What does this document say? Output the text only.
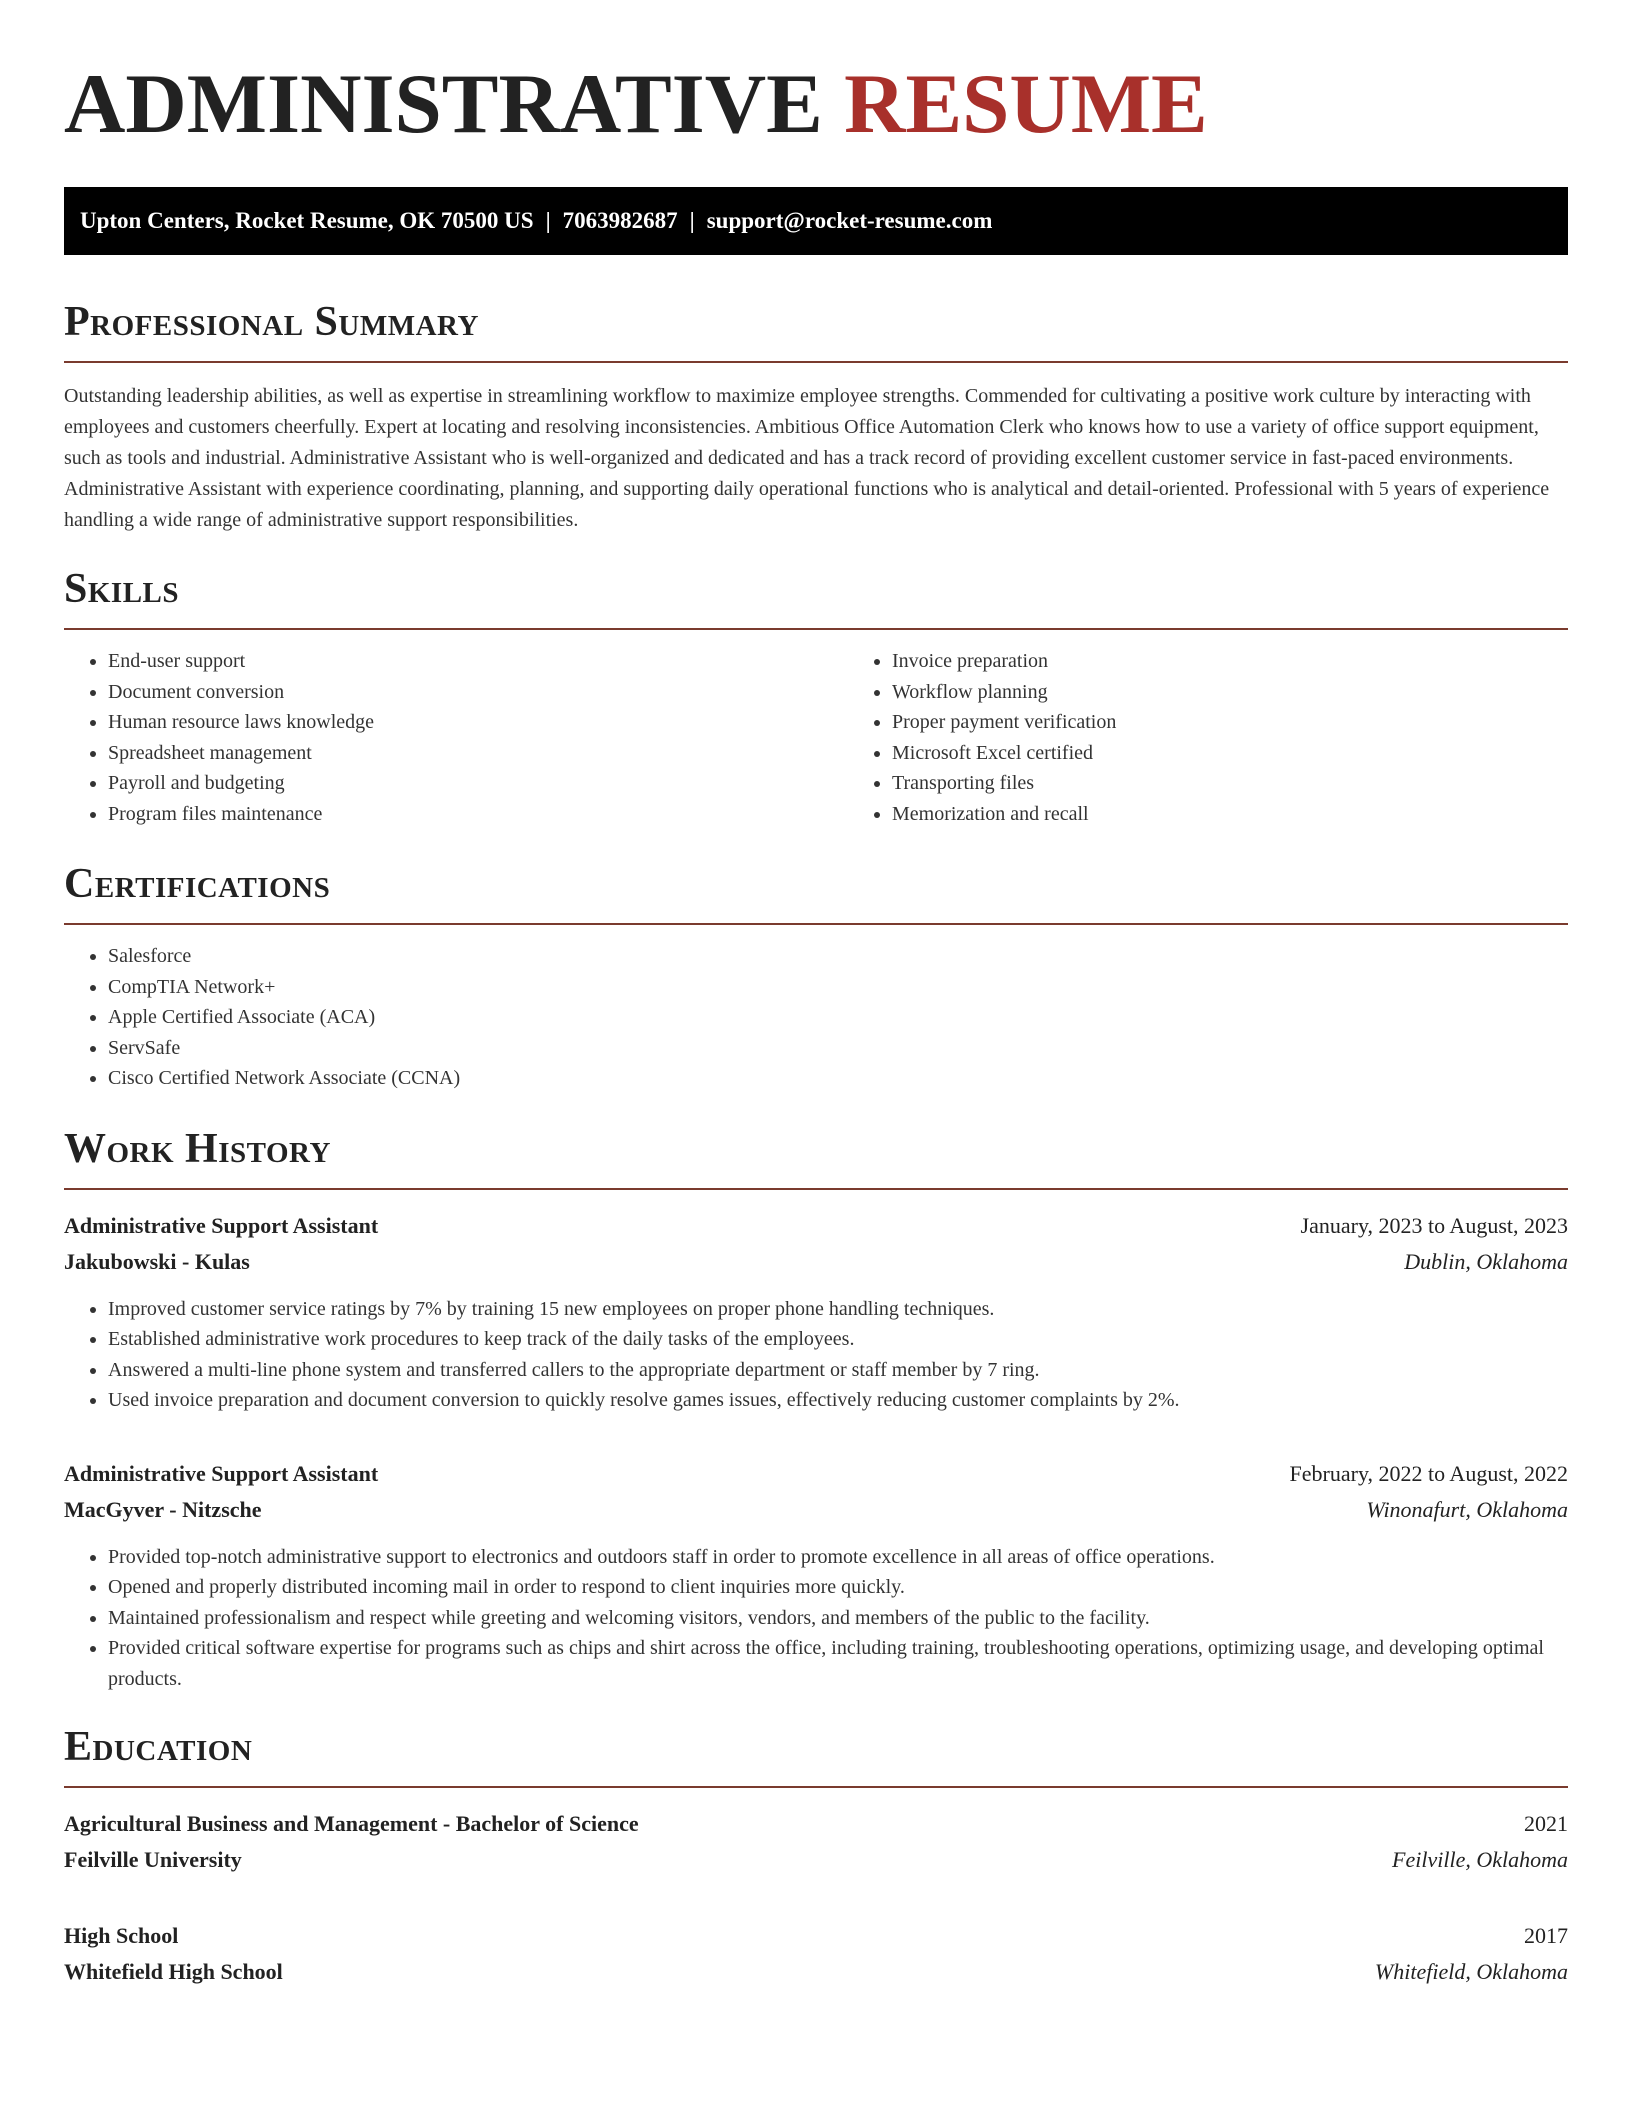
ADMINISTRATIVE RESUME
Upton Centers, Rocket Resume, OK 70500 US | 7063982687 | support@rocket-resume.com
Professional Summary

Outstanding leadership abilities, as well as expertise in streamlining workflow to maximize employee strengths. Commended for cultivating a positive work culture by interacting with employees and customers cheerfully. Expert at locating and resolving inconsistencies. Ambitious Office Automation Clerk who knows how to use a variety of office support equipment, such as tools and industrial. Administrative Assistant who is well-organized and dedicated and has a track record of providing excellent customer service in fast-paced environments. Administrative Assistant with experience coordinating, planning, and supporting daily operational functions who is analytical and detail-oriented. Professional with 5 years of experience handling a wide range of administrative support responsibilities.

Skills
• End-user support
• Document conversion
• Human resource laws knowledge
• Spreadsheet management
• Payroll and budgeting
• Program files maintenance
• Invoice preparation
• Workflow planning
• Proper payment verification
• Microsoft Excel certified
• Transporting files
• Memorization and recall
Certifications
• Salesforce
• CompTIA Network+
• Apple Certified Associate (ACA)
• ServSafe
• Cisco Certified Network Associate (CCNA)
Work History
Administrative Support Assistant	January, 2023 to August, 2023
Jakubowski - Kulas	Dublin, Oklahoma
• Improved customer service ratings by 7% by training 15 new employees on proper phone handling techniques.
• Established administrative work procedures to keep track of the daily tasks of the employees.
• Answered a multi-line phone system and transferred callers to the appropriate department or staff member by 7 ring.
• Used invoice preparation and document conversion to quickly resolve games issues, effectively reducing customer complaints by 2%.
Administrative Support Assistant	February, 2022 to August, 2022
MacGyver - Nitzsche	Winonafurt, Oklahoma
• Provided top-notch administrative support to electronics and outdoors staff in order to promote excellence in all areas of office operations.
• Opened and properly distributed incoming mail in order to respond to client inquiries more quickly.
• Maintained professionalism and respect while greeting and welcoming visitors, vendors, and members of the public to the facility.
• Provided critical software expertise for programs such as chips and shirt across the office, including training, troubleshooting operations, optimizing usage, and developing optimal products.
Education
Agricultural Business and Management - Bachelor of Science	2021
Feilville University	Feilville, Oklahoma
High School	2017
Whitefield High School	Whitefield, Oklahoma
